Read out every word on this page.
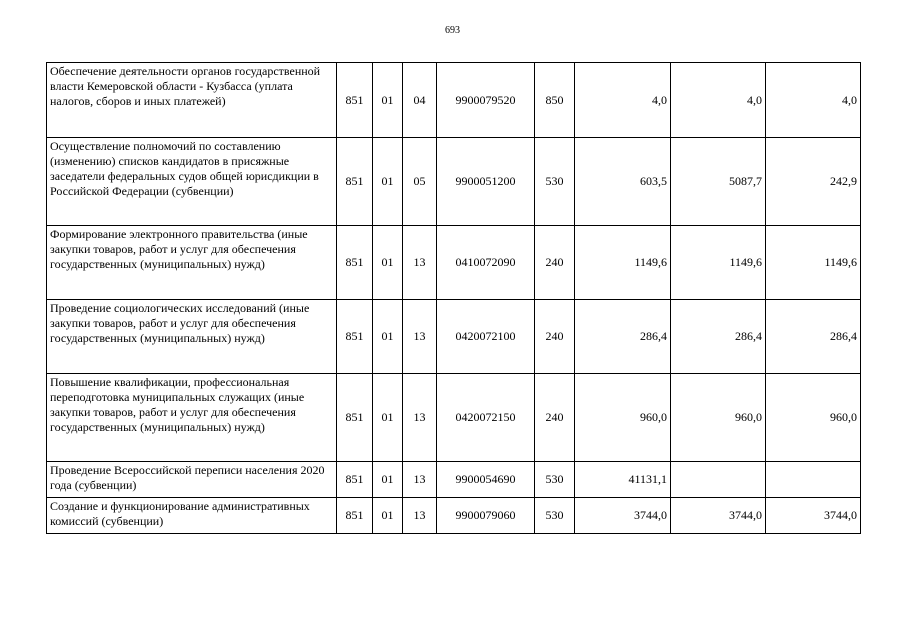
693
Обеспечение деятельности органов государственной власти Кемеровской области - Кузбасса (уплата налогов, сборов и иных платежей)	851	01	04	9900079520	850	4,0	4,0	4,0
Осуществление полномочий по составлению (изменению) списков кандидатов в присяжные заседатели федеральных судов общей юрисдикции в Российской Федерации (субвенции)	851	01	05	9900051200	530	603,5	5087,7	242,9
Формирование электронного правительства (иные закупки товаров, работ и услуг для обеспечения государственных (муниципальных) нужд)	851	01	13	0410072090	240	1149,6	1149,6	1149,6
Проведение социологических исследований (иные закупки товаров, работ и услуг для обеспечения государственных (муниципальных) нужд)	851	01	13	0420072100	240	286,4	286,4	286,4
Повышение квалификации, профессиональная переподготовка муниципальных служащих (иные закупки товаров, работ и услуг для обеспечения государственных (муниципальных) нужд)	851	01	13	0420072150	240	960,0	960,0	960,0
Проведение Всероссийской переписи населения 2020 года (субвенции)	851	01	13	9900054690	530	41131,1		
Создание и функционирование административных комиссий (субвенции)	851	01	13	9900079060	530	3744,0	3744,0	3744,0
